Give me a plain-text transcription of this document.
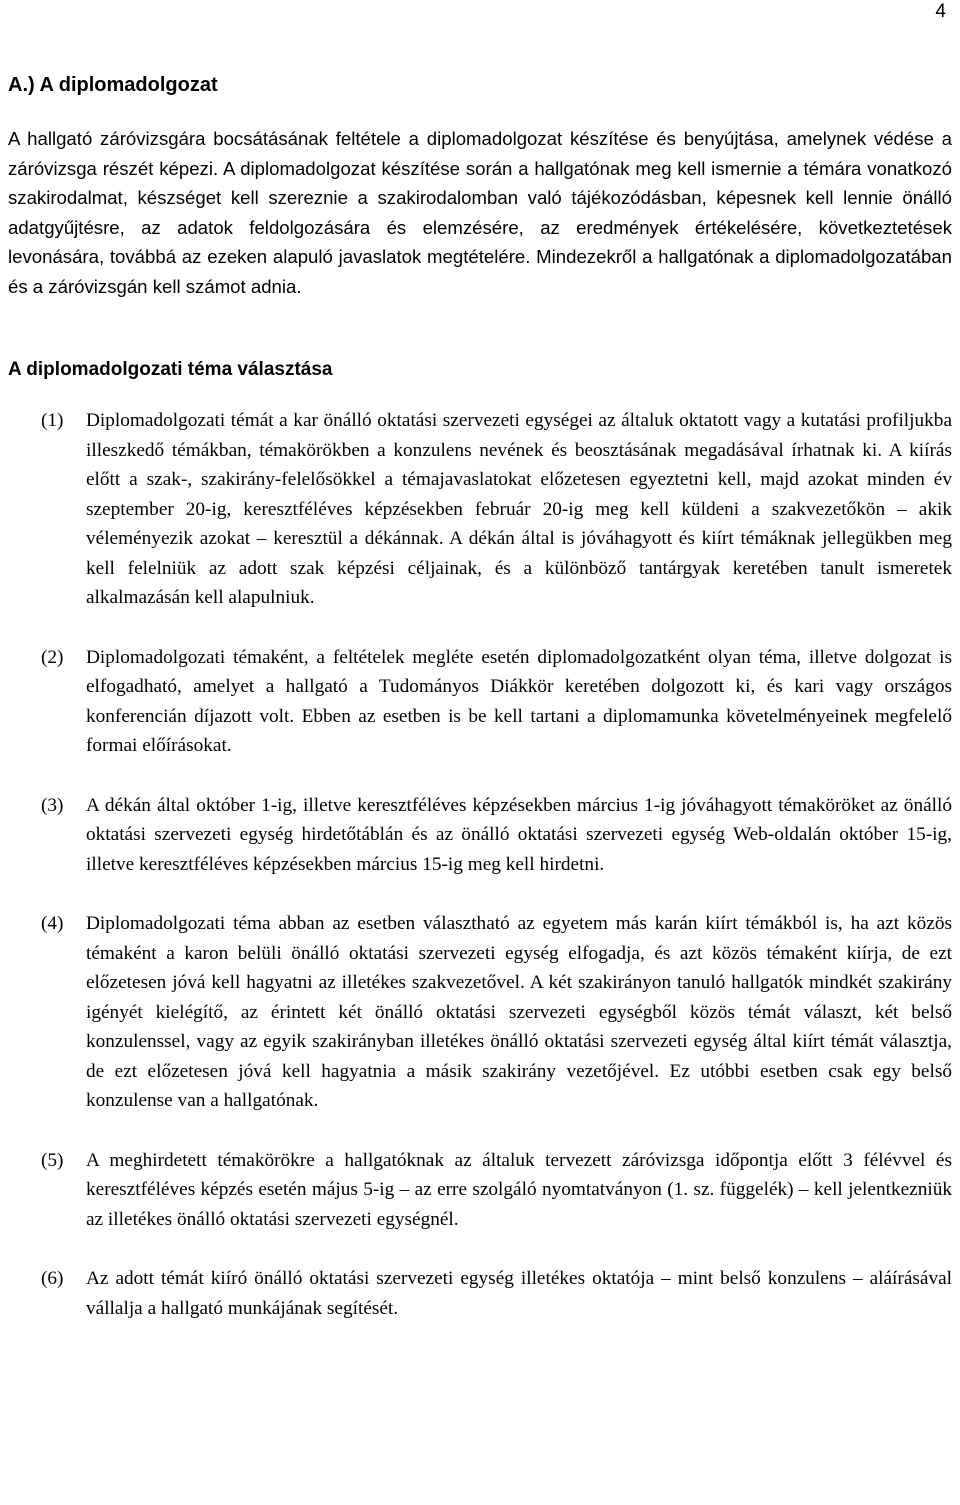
4
A.) A diplomadolgozat

A hallgató záróvizsgára bocsátásának feltétele a diplomadolgozat készítése és benyújtása, amelynek védése a záróvizsga részét képezi. A diplomadolgozat készítése során a hallgatónak meg kell ismernie a témára vonatkozó szakirodalmat, készséget kell szereznie a szakirodalomban való tájékozódásban, képesnek kell lennie önálló adatgyűjtésre, az adatok feldolgozására és elemzésére, az eredmények értékelésére, következtetések levonására, továbbá az ezeken alapuló javaslatok megtételére. Mindezekről a hallgatónak a diplomadolgozatában és a záróvizsgán kell számot adnia.

A diplomadolgozati téma választása
(1)	Diplomadolgozati témát a kar önálló oktatási szervezeti egységei az általuk oktatott vagy a kutatási profiljukba illeszkedő témákban, témakörökben a konzulens nevének és beosztásának megadásával írhatnak ki. A kiírás előtt a szak-, szakirány-felelősökkel a témajavaslatokat előzetesen egyeztetni kell, majd azokat minden év szeptember 20-ig, keresztféléves képzésekben február 20-ig meg kell küldeni a szakvezetőkön – akik véleményezik azokat – keresztül a dékánnak. A dékán által is jóváhagyott és kiírt témáknak jellegükben meg kell felelniük az adott szak képzési céljainak, és a különböző tantárgyak keretében tanult ismeretek alkalmazásán kell alapulniuk.
(2)	Diplomadolgozati témaként, a feltételek megléte esetén diplomadolgozatként olyan téma, illetve dolgozat is elfogadható, amelyet a hallgató a Tudományos Diákkör keretében dolgozott ki, és kari vagy országos konferencián díjazott volt. Ebben az esetben is be kell tartani a diplomamunka követelményeinek megfelelő formai előírásokat.
(3)	A dékán által október 1-ig, illetve keresztféléves képzésekben március 1-ig jóváhagyott témaköröket az önálló oktatási szervezeti egység hirdetőtáblán és az önálló oktatási szervezeti egység Web-oldalán október 15-ig, illetve keresztféléves képzésekben március 15-ig meg kell hirdetni.
(4)	Diplomadolgozati téma abban az esetben választható az egyetem más karán kiírt témákból is, ha azt közös témaként a karon belüli önálló oktatási szervezeti egység elfogadja, és azt közös témaként kiírja, de ezt előzetesen jóvá kell hagyatni az illetékes szakvezetővel. A két szakirányon tanuló hallgatók mindkét szakirány igényét kielégítő, az érintett két önálló oktatási szervezeti egységből közös témát választ, két belső konzulenssel, vagy az egyik szakirányban illetékes önálló oktatási szervezeti egység által kiírt témát választja, de ezt előzetesen jóvá kell hagyatnia a másik szakirány vezetőjével. Ez utóbbi esetben csak egy belső konzulense van a hallgatónak.
(5)	A meghirdetett témakörökre a hallgatóknak az általuk tervezett záróvizsga időpontja előtt 3 félévvel és keresztféléves képzés esetén május 5-ig – az erre szolgáló nyomtatványon (1. sz. függelék) – kell jelentkezniük az illetékes önálló oktatási szervezeti egységnél.
(6)	Az adott témát kiíró önálló oktatási szervezeti egység illetékes oktatója – mint belső konzulens – aláírásával vállalja a hallgató munkájának segítését.
